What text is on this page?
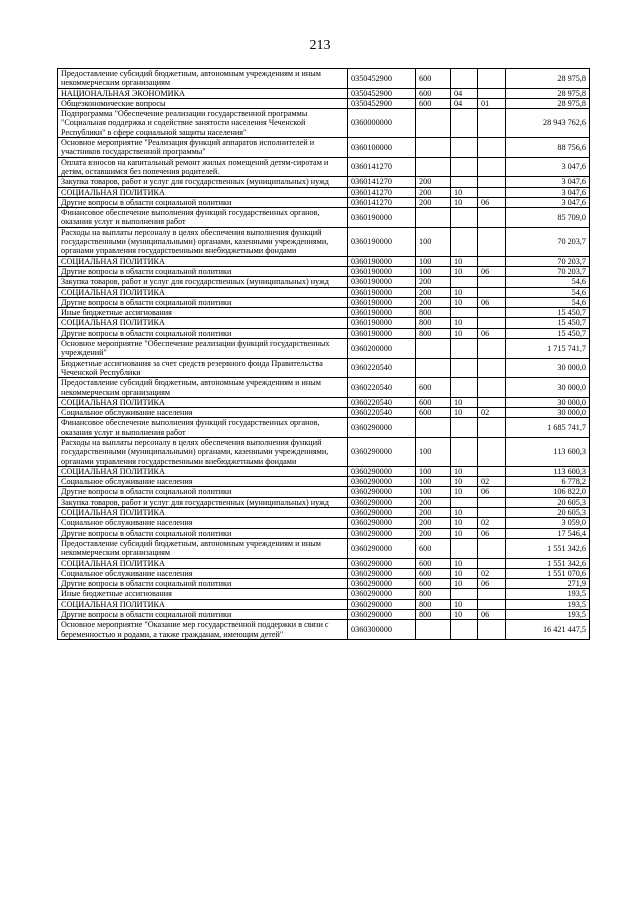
213
Предоставление субсидий бюджетным, автономным учреждениям и иным некоммерческим организациям	0350452900	600			28 975,8
НАЦИОНАЛЬНАЯ ЭКОНОМИКА	0350452900	600	04		28 975,8
Общеэкономические вопросы	0350452900	600	04	01	28 975,8
Подпрограмма "Обеспечение реализации государственной программы "Социальная поддержка и содействие занятости населения Чеченской Республики" в сфере социальной защиты населения"	0360000000				28 943 762,6
Основное мероприятие "Реализация функций аппаратов исполнителей и участников государственной программы"	0360100000				88 756,6
Оплата взносов на капитальный ремонт жилых помещений детям-сиротам и детям, оставшимся без попечения родителей.	0360141270				3 047,6
Закупка товаров, работ и услуг для государственных (муниципальных) нужд	0360141270	200			3 047,6
СОЦИАЛЬНАЯ ПОЛИТИКА	0360141270	200	10		3 047,6
Другие вопросы в области социальной политики	0360141270	200	10	06	3 047,6
Финансовое обеспечение выполнения функций государственных органов, оказания услуг и выполнения работ	0360190000				85 709,0
Расходы на выплаты персоналу в целях обеспечения выполнения функций государственными (муниципальными) органами, казенными учреждениями, органами управления государственными внебюджетными фондами	0360190000	100			70 203,7
СОЦИАЛЬНАЯ ПОЛИТИКА	0360190000	100	10		70 203,7
Другие вопросы в области социальной политики	0360190000	100	10	06	70 203,7
Закупка товаров, работ и услуг для государственных (муниципальных) нужд	0360190000	200			54,6
СОЦИАЛЬНАЯ ПОЛИТИКА	0360190000	200	10		54,6
Другие вопросы в области социальной политики	0360190000	200	10	06	54,6
Иные бюджетные ассигнования	0360190000	800			15 450,7
СОЦИАЛЬНАЯ ПОЛИТИКА	0360190000	800	10		15 450,7
Другие вопросы в области социальной политики	0360190000	800	10	06	15 450,7
Основное мероприятие "Обеспечение реализации функций государственных учреждений"	0360200000				1 715 741,7
Бюджетные ассигнования за счет средств резервного фонда Правительства Чеченской Республики	0360220540				30 000,0
Предоставление субсидий бюджетным, автономным учреждениям и иным некоммерческим организациям	0360220540	600			30 000,0
СОЦИАЛЬНАЯ ПОЛИТИКА	0360220540	600	10		30 000,0
Социальное обслуживание населения	0360220540	600	10	02	30 000,0
Финансовое обеспечение выполнения функций государственных органов, оказания услуг и выполнения работ	0360290000				1 685 741,7
Расходы на выплаты персоналу в целях обеспечения выполнения функций государственными (муниципальными) органами, казенными учреждениями, органами управления государственными внебюджетными фондами	0360290000	100			113 600,3
СОЦИАЛЬНАЯ ПОЛИТИКА	0360290000	100	10		113 600,3
Социальное обслуживание населения	0360290000	100	10	02	6 778,2
Другие вопросы в области социальной политики	0360290000	100	10	06	106 822,0
Закупка товаров, работ и услуг для государственных (муниципальных) нужд	0360290000	200			20 605,3
СОЦИАЛЬНАЯ ПОЛИТИКА	0360290000	200	10		20 605,3
Социальное обслуживание населения	0360290000	200	10	02	3 059,0
Другие вопросы в области социальной политики	0360290000	200	10	06	17 546,4
Предоставление субсидий бюджетным, автономным учреждениям и иным некоммерческим организациям	0360290000	600			1 551 342,6
СОЦИАЛЬНАЯ ПОЛИТИКА	0360290000	600	10		1 551 342,6
Социальное обслуживание населения	0360290000	600	10	02	1 551 070,6
Другие вопросы в области социальной политики	0360290000	600	10	06	271,9
Иные бюджетные ассигнования	0360290000	800			193,5
СОЦИАЛЬНАЯ ПОЛИТИКА	0360290000	800	10		193,5
Другие вопросы в области социальной политики	0360290000	800	10	06	193,5
Основное мероприятие "Оказание мер государственной поддержки в связи с беременностью и родами, а также гражданам, имеющим детей"	0360300000				16 421 447,5
